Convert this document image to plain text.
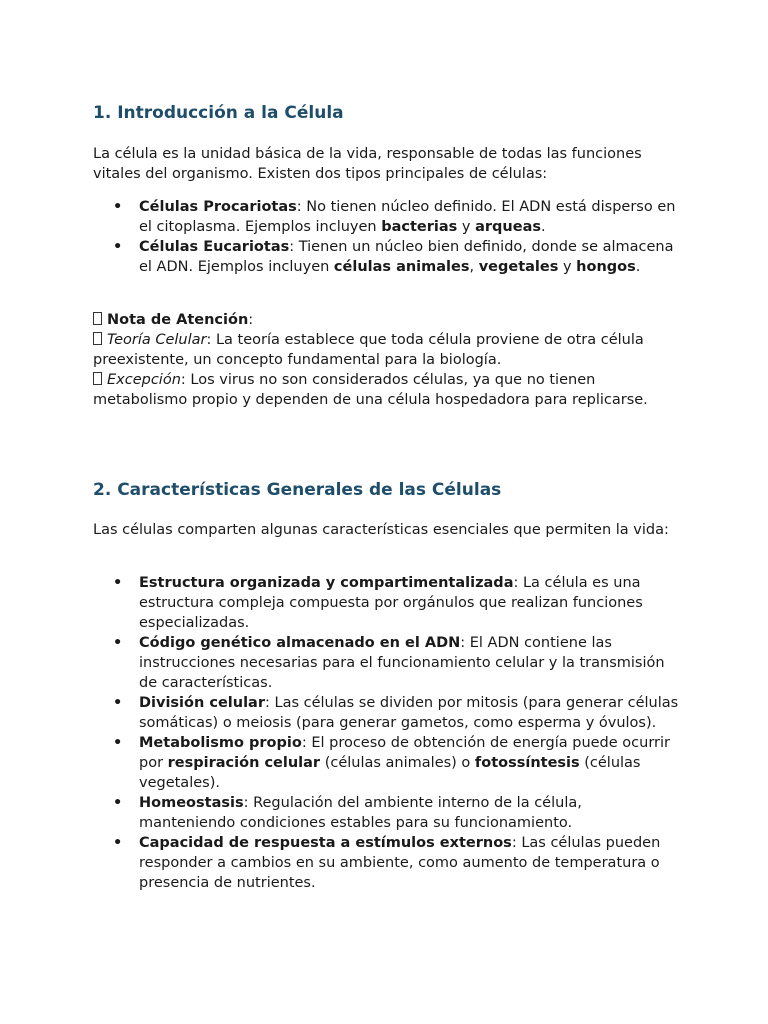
1. Introducción a la Célula

La célula es la unidad básica de la vida, responsable de todas las funciones vitales del organismo. Existen dos tipos principales de células:

• Células Procariotas: No tienen núcleo definido. El ADN está disperso en el citoplasma. Ejemplos incluyen bacterias y arqueas.
• Células Eucariotas: Tienen un núcleo bien definido, donde se almacena el ADN. Ejemplos incluyen células animales, vegetales y hongos.
Nota de Atención:
Teoría Celular: La teoría establece que toda célula proviene de otra célula preexistente, un concepto fundamental para la biología.
Excepción: Los virus no son considerados células, ya que no tienen metabolismo propio y dependen de una célula hospedadora para replicarse.
2. Características Generales de las Células

Las células comparten algunas características esenciales que permiten la vida:

• Estructura organizada y compartimentalizada: La célula es una estructura compleja compuesta por orgánulos que realizan funciones especializadas.
• Código genético almacenado en el ADN: El ADN contiene las instrucciones necesarias para el funcionamiento celular y la transmisión de características.
• División celular: Las células se dividen por mitosis (para generar células somáticas) o meiosis (para generar gametos, como esperma y óvulos).
• Metabolismo propio: El proceso de obtención de energía puede ocurrir por respiración celular (células animales) o fotossíntesis (células vegetales).
• Homeostasis: Regulación del ambiente interno de la célula, manteniendo condiciones estables para su funcionamiento.
• Capacidad de respuesta a estímulos externos: Las células pueden responder a cambios en su ambiente, como aumento de temperatura o presencia de nutrientes.
